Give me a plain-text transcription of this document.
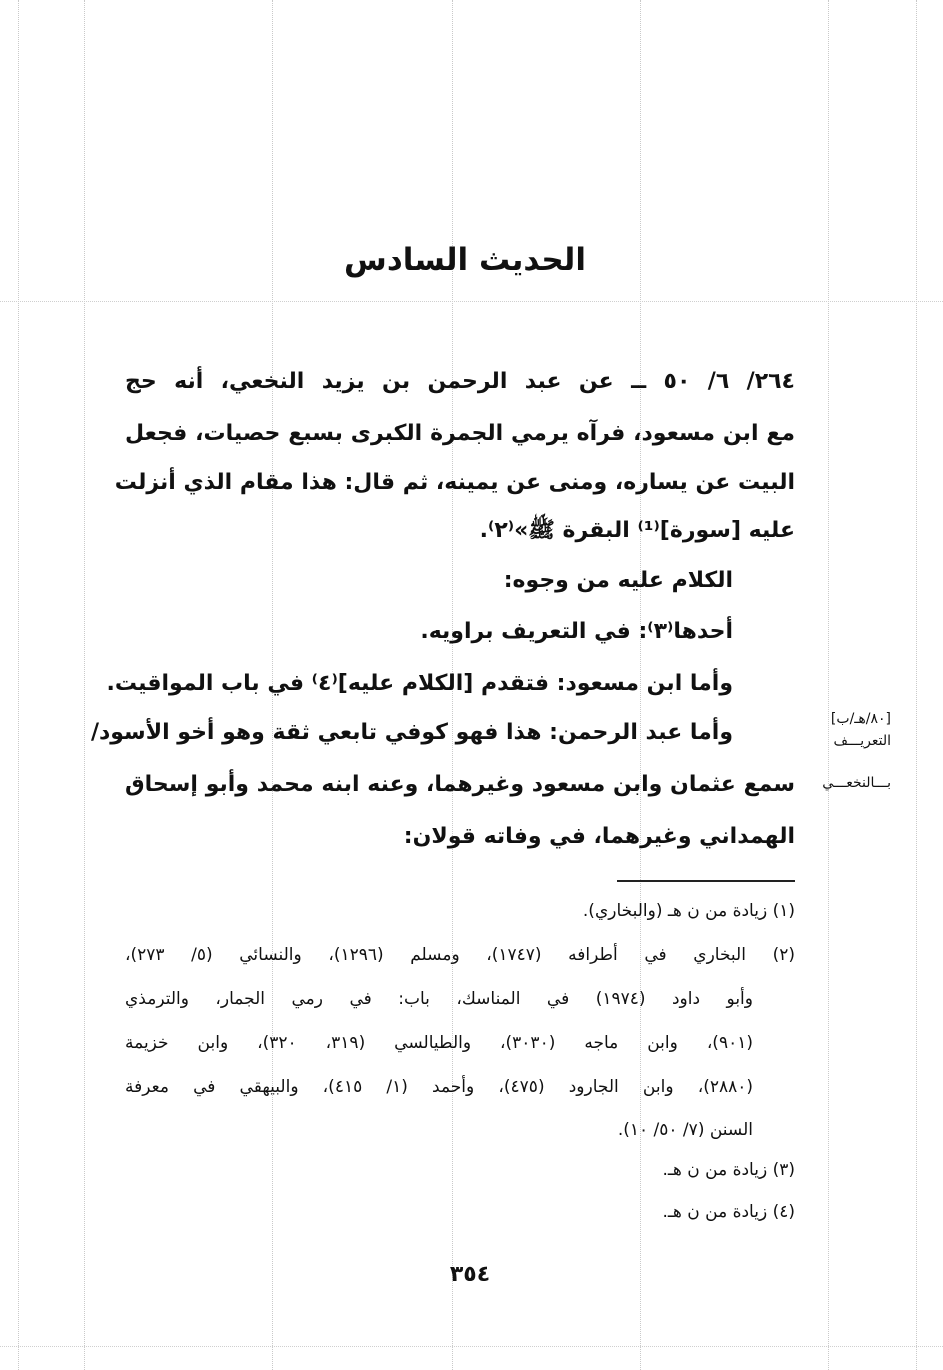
الحديث السادس
٢٦٤/ ٦/ ٥٠ ــ عن عبد الرحمن بن يزيد النخعي، أنه حج
مع ابن مسعود، فرآه يرمي الجمرة الكبرى بسبع حصيات، فجعل
البيت عن يساره، ومنى عن يمينه، ثم قال: هذا مقام الذي أنزلت
عليه [سورة]⁽¹⁾ البقرة ﷺ»⁽٢⁾.
الكلام عليه من وجوه:
أحدها⁽٣⁾: في التعريف براويه.
وأما ابن مسعود: فتقدم [الكلام عليه]⁽٤⁾ في باب المواقيت.
وأما عبد الرحمن: هذا فهو كوفي تابعي ثقة وهو أخو الأسود/
سمع عثمان وابن مسعود وغيرهما، وعنه ابنه محمد وأبو إسحاق
الهمداني وغيرهما، في وفاته قولان:
[٨٠/هـ/ب]
التعريـــف
بـــالنخعـــي
(١) زيادة من ن هـ (والبخاري).
(٢) البخاري في أطرافه (١٧٤٧)، ومسلم (١٢٩٦)، والنسائي (٥/ ٢٧٣)،
وأبو داود (١٩٧٤) في المناسك، باب: في رمي الجمار، والترمذي
(٩٠١)، وابن ماجه (٣٠٣٠)، والطيالسي (٣١٩، ٣٢٠)، وابن خزيمة
(٢٨٨٠)، وابن الجارود (٤٧٥)، وأحمد (١/ ٤١٥)، والبيهقي في معرفة
السنن (٧/ ٥٠/ ١٠).
(٣) زيادة من ن هـ.
(٤) زيادة من ن هـ.
٣٥٤
